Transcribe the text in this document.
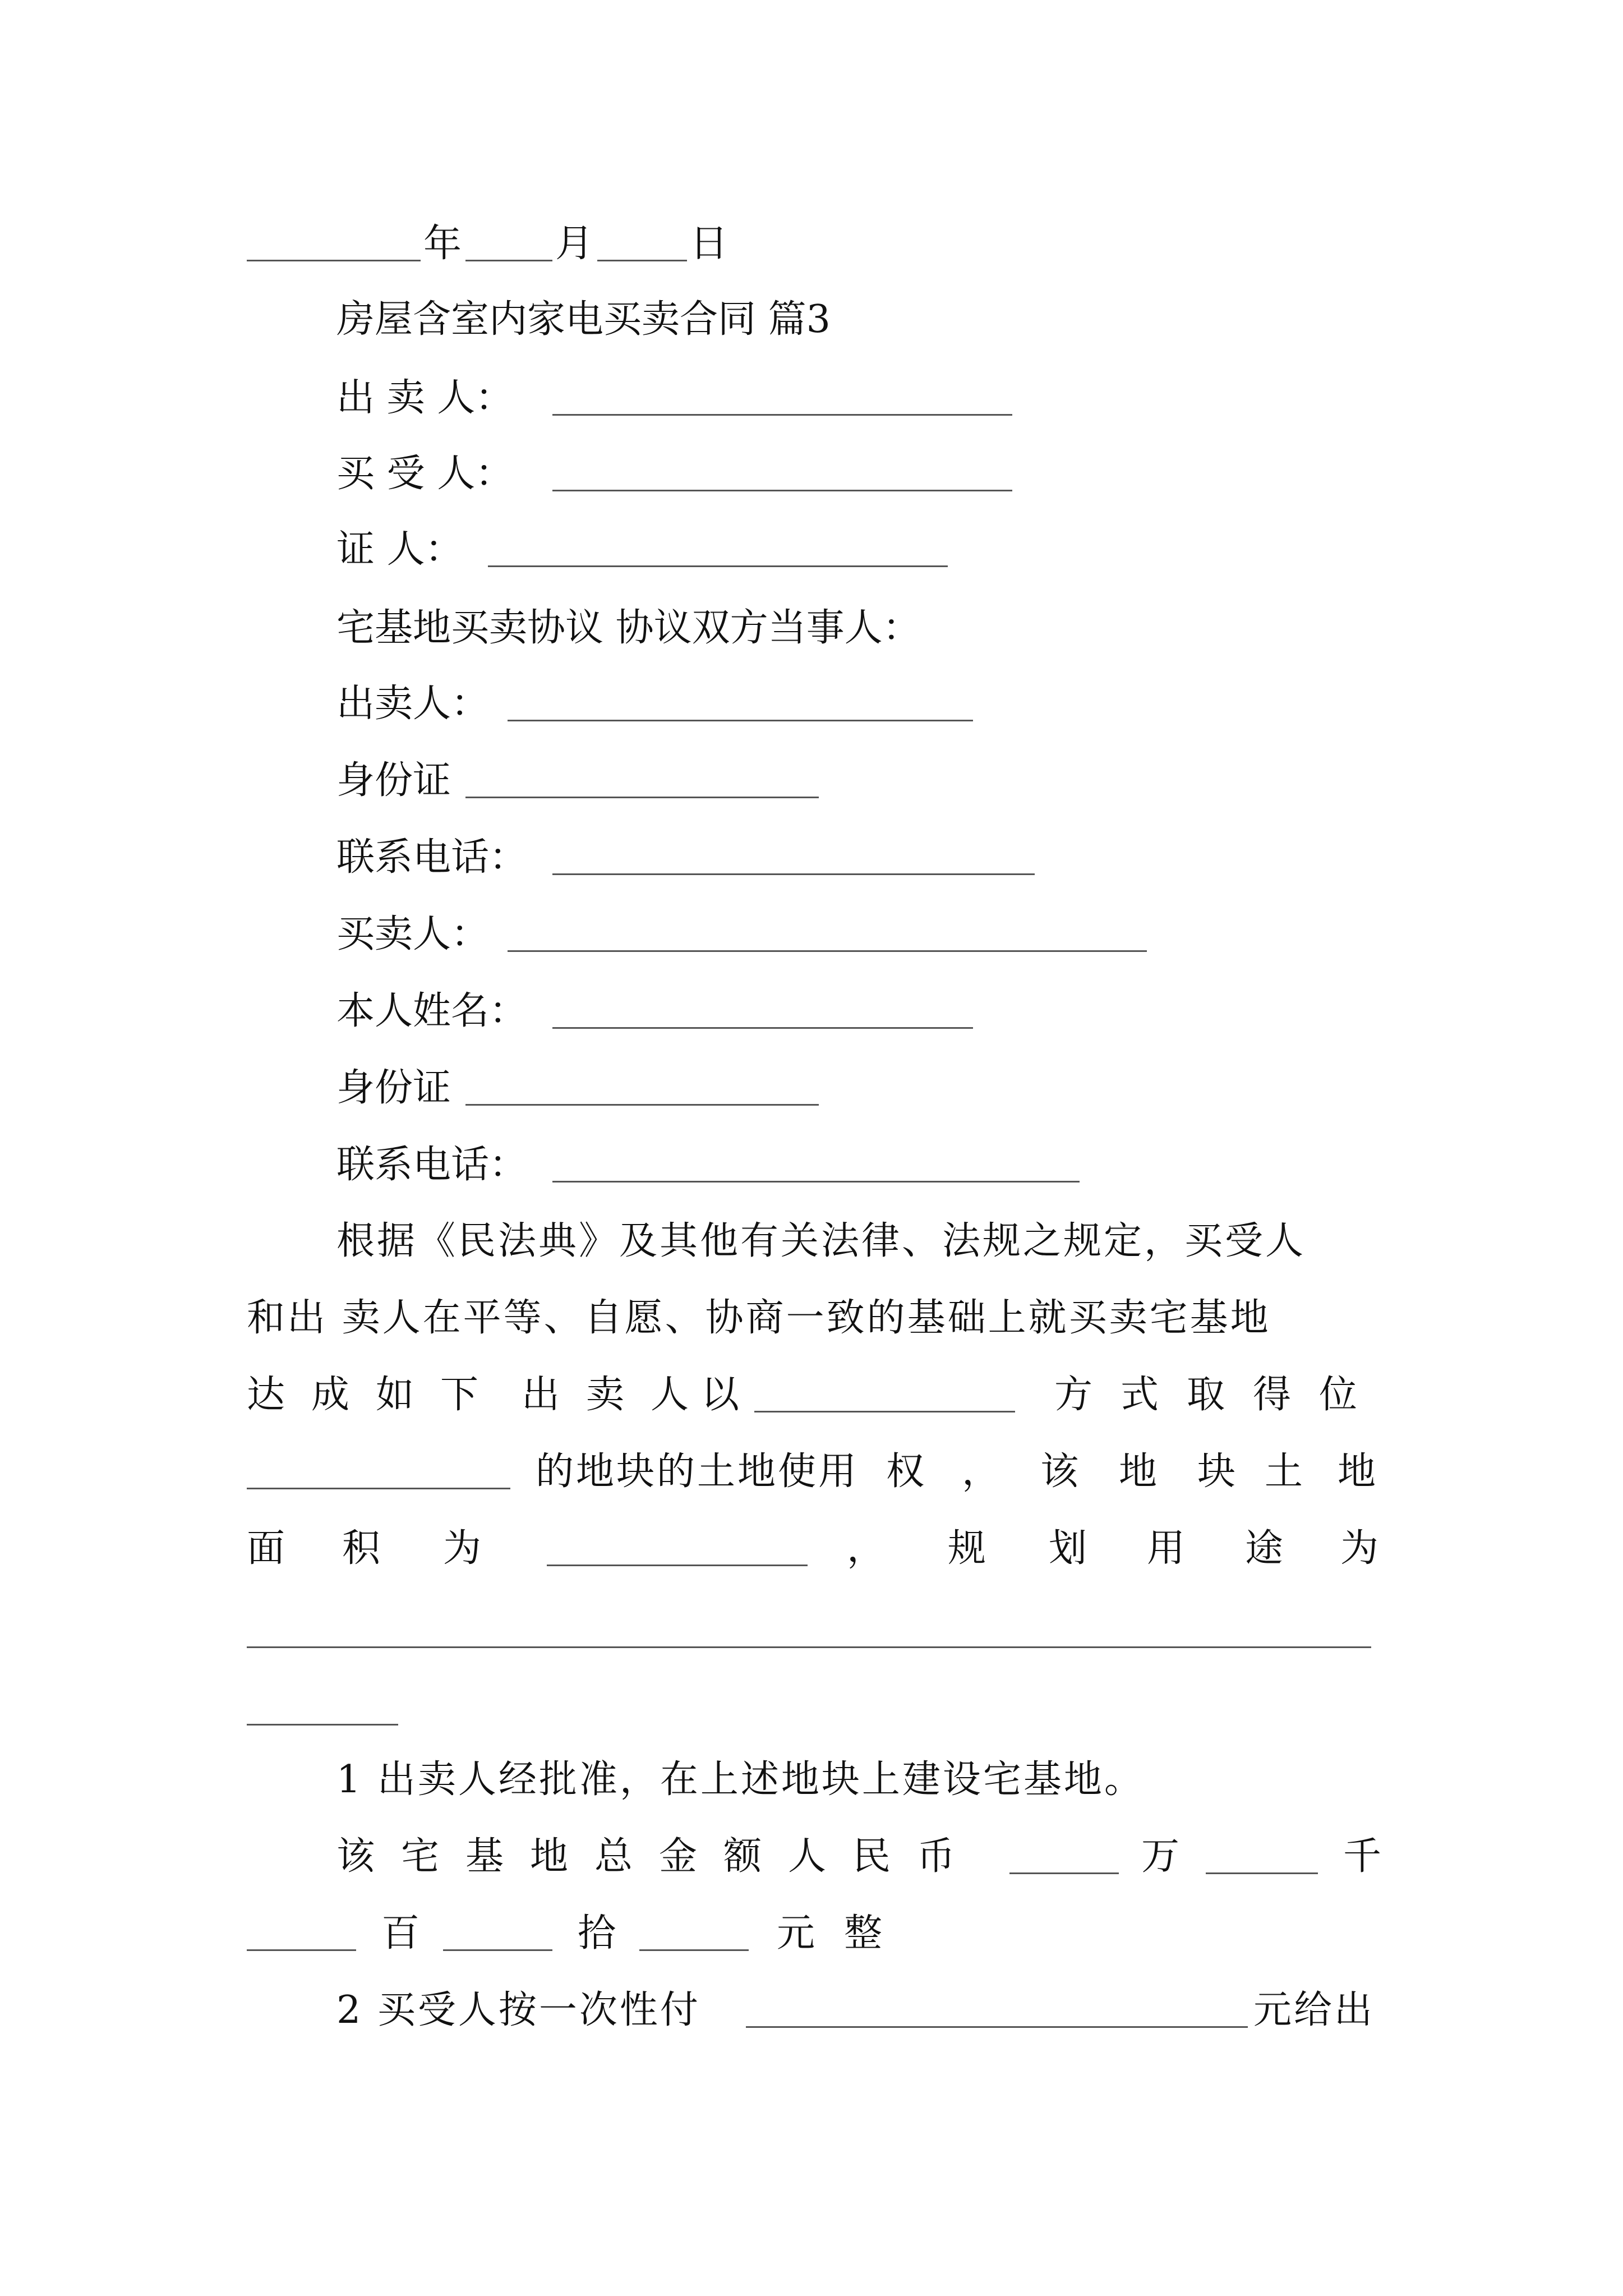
年 月	日
房屋含室内家电买卖合同 篇3
出 卖 人：
买 受 人：
证 人：
宅基地买卖协议 协议双方当事人：
出卖人：
身份证
联系电话：
买卖人：
本人姓名：
身份证
联系电话：
根据《民法典》及其他有关法律、法规之规定，买受人
和出 卖人在平等、自愿、协商一致的基础上就买卖宅基地
达 成 如 下 出 卖 人 以	方 式 取 得 位
的地块的土地使用 权 ， 该 地 块 土 地
面 积 为	， 规 划 用 途 为
1 出卖人经批准，在上述地块上建设宅基地。
该 宅 基 地 总 金 额 人 民 币	万	千
百	拾	元 整
2 买受人按一次性付	元给出
